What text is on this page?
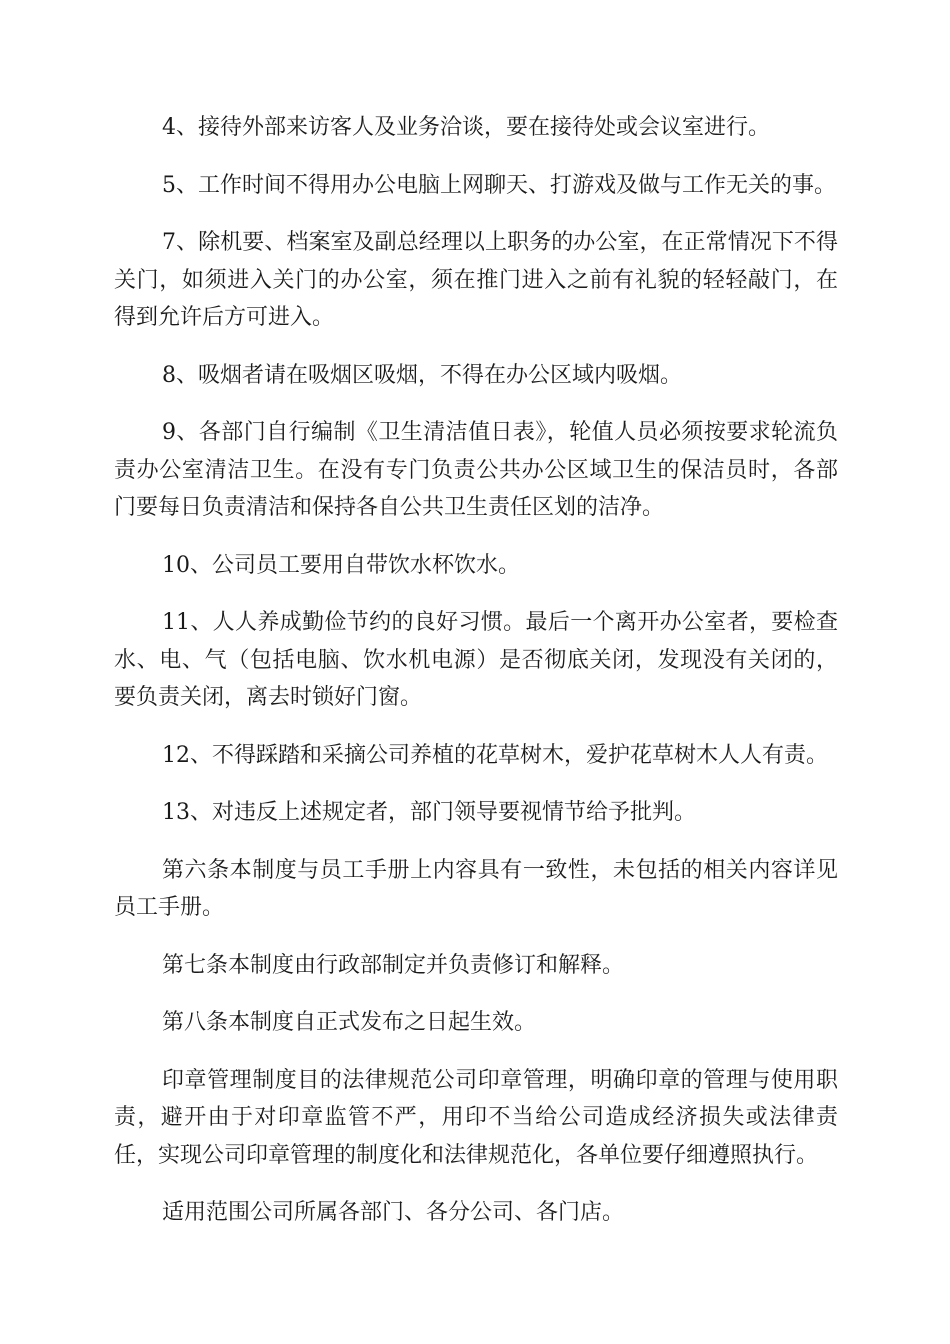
4、接待外部来访客人及业务洽谈，要在接待处或会议室进行。

5、工作时间不得用办公电脑上网聊天、打游戏及做与工作无关的事。

7、除机要、档案室及副总经理以上职务的办公室，在正常情况下不得关门，如须进入关门的办公室，须在推门进入之前有礼貌的轻轻敲门，在得到允许后方可进入。

8、吸烟者请在吸烟区吸烟，不得在办公区域内吸烟。

9、各部门自行编制《卫生清洁值日表》，轮值人员必须按要求轮流负责办公室清洁卫生。在没有专门负责公共办公区域卫生的保洁员时，各部门要每日负责清洁和保持各自公共卫生责任区划的洁净。

10、公司员工要用自带饮水杯饮水。

11、人人养成勤俭节约的良好习惯。最后一个离开办公室者，要检查水、电、气（包括电脑、饮水机电源）是否彻底关闭，发现没有关闭的，要负责关闭，离去时锁好门窗。

12、不得踩踏和采摘公司养植的花草树木，爱护花草树木人人有责。

13、对违反上述规定者，部门领导要视情节给予批判。

第六条本制度与员工手册上内容具有一致性，未包括的相关内容详见员工手册。

第七条本制度由行政部制定并负责修订和解释。

第八条本制度自正式发布之日起生效。

印章管理制度目的法律规范公司印章管理，明确印章的管理与使用职责，避开由于对印章监管不严，用印不当给公司造成经济损失或法律责任，实现公司印章管理的制度化和法律规范化，各单位要仔细遵照执行。

适用范围公司所属各部门、各分公司、各门店。
